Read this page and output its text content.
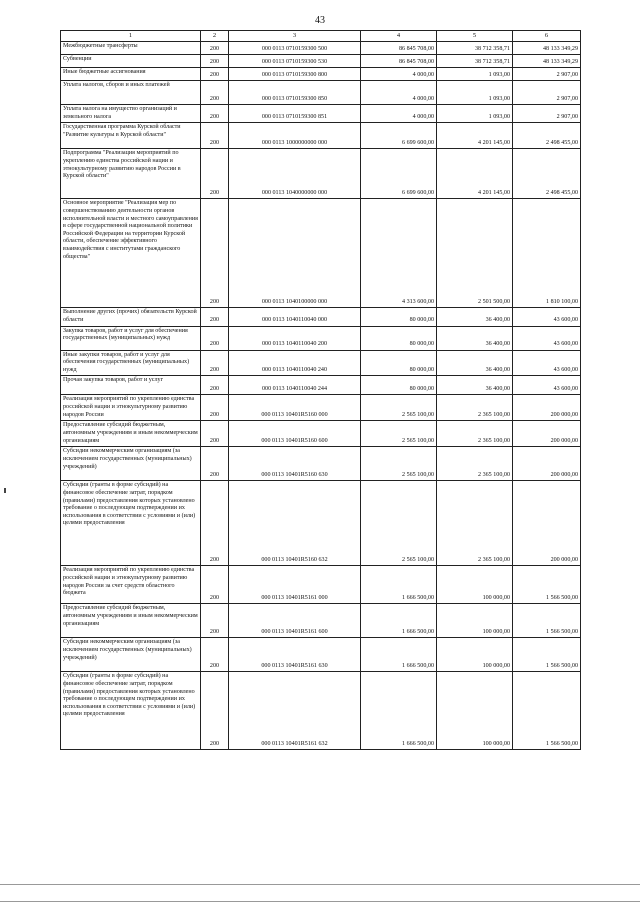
43
1	2	3	4	5	6
Межбюджетные трансферты	200	000 0113 0710159300 500	86 845 708,00	38 712 358,71	48 133 349,29
Субвенции	200	000 0113 0710159300 530	86 845 708,00	38 712 358,71	48 133 349,29
Иные бюджетные ассигнования	200	000 0113 0710159300 800	4 000,00	1 093,00	2 907,00
Уплата налогов, сборов и иных платежей	200	000 0113 0710159300 850	4 000,00	1 093,00	2 907,00
Уплата налога на имущество организаций и земельного налога	200	000 0113 0710159300 851	4 000,00	1 093,00	2 907,00
Государственная программа Курской области "Развитие культуры в Курской области"	200	000 0113 1000000000 000	6 699 600,00	4 201 145,00	2 498 455,00
Подпрограмма "Реализация мероприятий по укреплению единства российской нации и этнокультурному развитию народов России в Курской области"	200	000 0113 1040000000 000	6 699 600,00	4 201 145,00	2 498 455,00
Основное мероприятие "Реализация мер по совершенствованию деятельности органов исполнительной власти и местного самоуправления в сфере государственной национальной политики Российской Федерации на территории Курской области, обеспечение эффективного взаимодействия с институтами гражданского общества"	200	000 0113 1040100000 000	4 313 600,00	2 501 500,00	1 810 100,00
Выполнение других (прочих) обязательств Курской области	200	000 0113 1040110040 000	80 000,00	36 400,00	43 600,00
Закупка товаров, работ и услуг для обеспечения государственных (муниципальных) нужд	200	000 0113 1040110040 200	80 000,00	36 400,00	43 600,00
Иные закупки товаров, работ и услуг для обеспечения государственных (муниципальных) нужд	200	000 0113 1040110040 240	80 000,00	36 400,00	43 600,00
Прочая закупка товаров, работ и услуг	200	000 0113 1040110040 244	80 000,00	36 400,00	43 600,00
Реализация мероприятий по укреплению единства российской нации и этнокультурному развитию народов России	200	000 0113 10401R5160 000	2 565 100,00	2 365 100,00	200 000,00
Предоставление субсидий бюджетным, автономным учреждениям и иным некоммерческим организациям	200	000 0113 10401R5160 600	2 565 100,00	2 365 100,00	200 000,00
Субсидии некоммерческим организациям (за исключением государственных (муниципальных) учреждений)	200	000 0113 10401R5160 630	2 565 100,00	2 365 100,00	200 000,00
Субсидии (гранты в форме субсидий) на финансовое обеспечение затрат, порядком (правилами) предоставления которых установлено требование о последующем подтверждении их использования в соответствии с условиями и (или) целями предоставления	200	000 0113 10401R5160 632	2 565 100,00	2 365 100,00	200 000,00
Реализация мероприятий по укреплению единства российской нации и этнокультурному развитию народов России за счет средств областного бюджета	200	000 0113 10401R5161 000	1 666 500,00	100 000,00	1 566 500,00
Предоставление субсидий бюджетным, автономным учреждениям и иным некоммерческим организациям	200	000 0113 10401R5161 600	1 666 500,00	100 000,00	1 566 500,00
Субсидии некоммерческим организациям (за исключением государственных (муниципальных) учреждений)	200	000 0113 10401R5161 630	1 666 500,00	100 000,00	1 566 500,00
Субсидии (гранты в форме субсидий) на финансовое обеспечение затрат, порядком (правилами) предоставления которых установлено требование о последующем подтверждении их использования в соответствии с условиями и (или) целями предоставления	200	000 0113 10401R5161 632	1 666 500,00	100 000,00	1 566 500,00
